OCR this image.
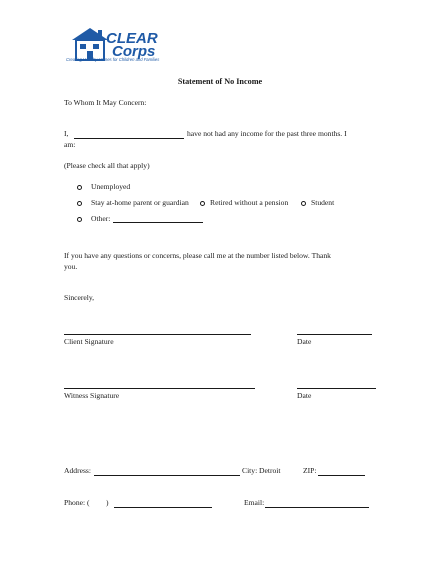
CLEAR
Corps
Creating Healthy Homes for Children and Families
Statement of No Income
To Whom It May Concern:
I,	have not had any income for the past three months. I
am:
(Please check all that apply)
Unemployed
Stay at-home parent or guardian	Retired without a pension	Student
Other:
If you have any questions or concerns, please call me at the number listed below. Thank
you.
Sincerely,
Client Signature	Date
Witness Signature	Date
Address:	City: Detroit	ZIP:
Phone: ( )	Email:
